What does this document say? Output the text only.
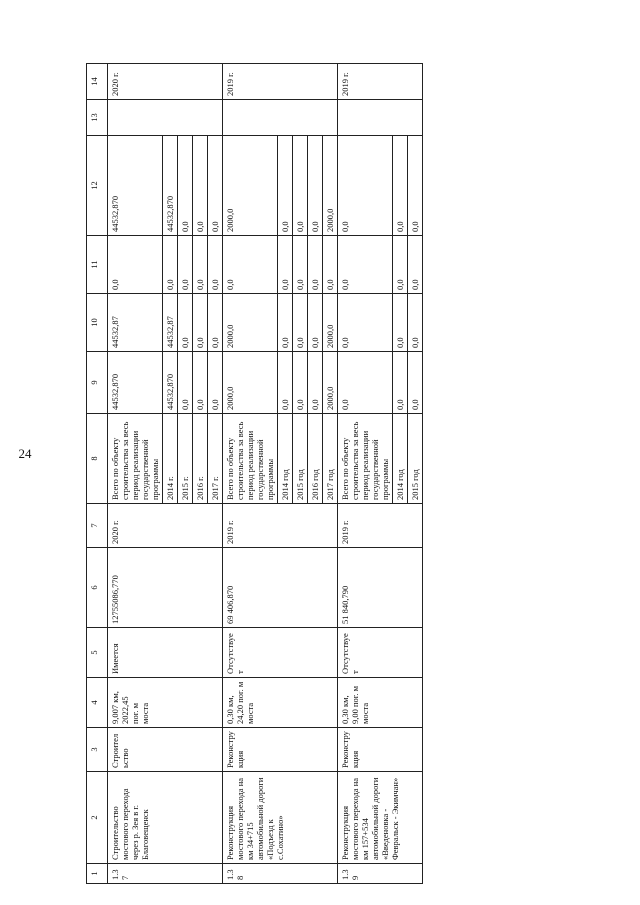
24
1	2	3	4	5	6	7	8	9	10	11	12	13	14
1.37	Строительство мостового перехода через р. Зея в г. Благовещенск	Строительство	9,007 км, 2022,45 пог. м моста	Имеется	12755086,770	2020 г.	Всего по объекту строительства за весь период реализации государственной программы	44532,870	44532,87	0,0	44532,870		2020 г.
							2014 г.	44532,870	44532,87	0,0	44532,870		
							2015 г.	0,0	0,0	0,0	0,0		
							2016 г.	0,0	0,0	0,0	0,0		
							2017 г.	0,0	0,0	0,0	0,0		
1.38	Реконструкция мостового перехода на км 34+715 автомобильной дороги «Подъезд к с.Сохатино»	Реконструкция	0,30 км, 24,20 пог. м моста	Отсутствует	69 406,870	2019 г.	Всего по объекту строительства за весь период реализации государственной программы	2000,0	2000,0	0,0	2000,0		2019 г.
							2014 год	0,0	0,0	0,0	0,0		
							2015 год	0,0	0,0	0,0	0,0		
							2016 год	0,0	0,0	0,0	0,0		
							2017 год	2000,0	2000,0	0,0	2000,0		
1.39	Реконструкция мостового перехода на км 157+534 автомобильной дороги «Введеновка - Февральск - Экимчан»	Реконструкция	0,30 км, 9,00 пог. м моста	Отсутствует	51 840,790	2019 г.	Всего по объекту строительства за весь период реализации государственной программы	0,0	0,0	0,0	0,0		2019 г.
							2014 год	0,0	0,0	0,0	0,0		
							2015 год	0,0	0,0	0,0	0,0		
